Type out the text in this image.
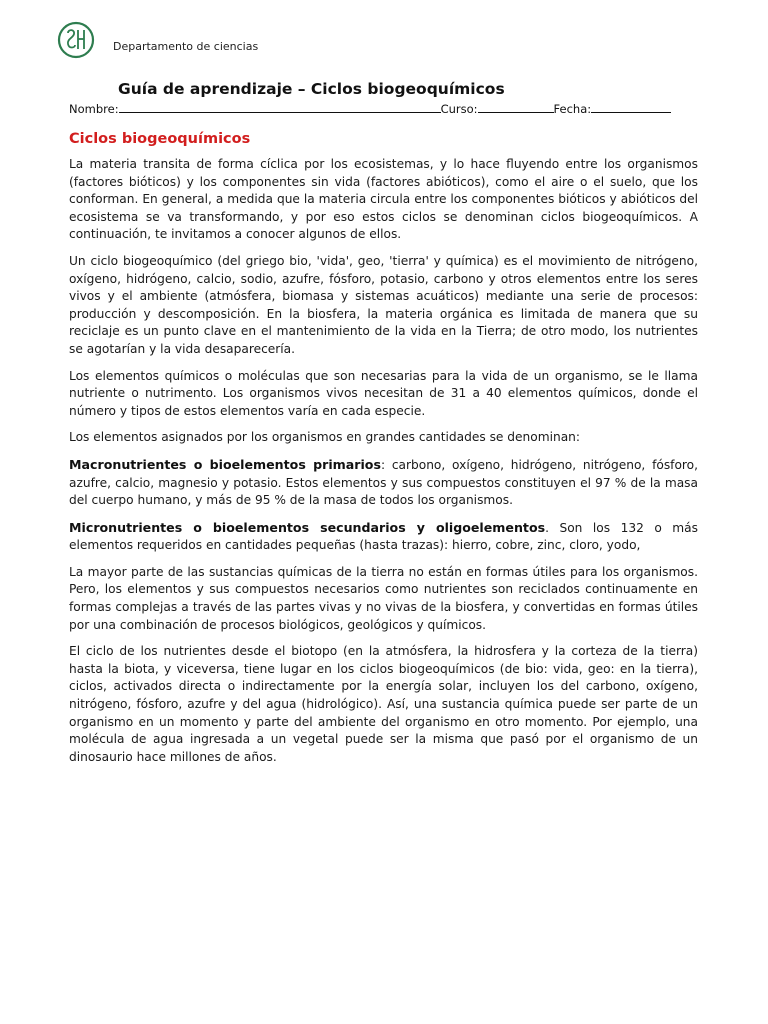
Departamento de ciencias
Guía de aprendizaje – Ciclos biogeoquímicos
Nombre:	Curso:	Fecha:
Ciclos biogeoquímicos

La materia transita de forma cíclica por los ecosistemas, y lo hace fluyendo entre los organismos (factores bióticos) y los componentes sin vida (factores abióticos), como el aire o el suelo, que los conforman. En general, a medida que la materia circula entre los componentes bióticos y abióticos del ecosistema se va transformando, y por eso estos ciclos se denominan ciclos biogeoquímicos. A continuación, te invitamos a conocer algunos de ellos.

Un ciclo biogeoquímico (del griego bio, 'vida', geo, 'tierra' y química) es el movimiento de nitrógeno, oxígeno, hidrógeno, calcio, sodio, azufre, fósforo, potasio, carbono y otros elementos entre los seres vivos y el ambiente (atmósfera, biomasa y sistemas acuáticos) mediante una serie de procesos: producción y descomposición. En la biosfera, la materia orgánica es limitada de manera que su reciclaje es un punto clave en el mantenimiento de la vida en la Tierra; de otro modo, los nutrientes se agotarían y la vida desaparecería.

Los elementos químicos o moléculas que son necesarias para la vida de un organismo, se le llama nutriente o nutrimento. Los organismos vivos necesitan de 31 a 40 elementos químicos, donde el número y tipos de estos elementos varía en cada especie.

Los elementos asignados por los organismos en grandes cantidades se denominan:

Macronutrientes o bioelementos primarios: carbono, oxígeno, hidrógeno, nitrógeno, fósforo, azufre, calcio, magnesio y potasio. Estos elementos y sus compuestos constituyen el 97 % de la masa del cuerpo humano, y más de 95 % de la masa de todos los organismos.

Micronutrientes o bioelementos secundarios y oligoelementos. Son los 132 o más elementos requeridos en cantidades pequeñas (hasta trazas): hierro, cobre, zinc, cloro, yodo,

La mayor parte de las sustancias químicas de la tierra no están en formas útiles para los organismos. Pero, los elementos y sus compuestos necesarios como nutrientes son reciclados continuamente en formas complejas a través de las partes vivas y no vivas de la biosfera, y convertidas en formas útiles por una combinación de procesos biológicos, geológicos y químicos.

El ciclo de los nutrientes desde el biotopo (en la atmósfera, la hidrosfera y la corteza de la tierra) hasta la biota, y viceversa, tiene lugar en los ciclos biogeoquímicos (de bio: vida, geo: en la tierra), ciclos, activados directa o indirectamente por la energía solar, incluyen los del carbono, oxígeno, nitrógeno, fósforo, azufre y del agua (hidrológico). Así, una sustancia química puede ser parte de un organismo en un momento y parte del ambiente del organismo en otro momento. Por ejemplo, una molécula de agua ingresada a un vegetal puede ser la misma que pasó por el organismo de un dinosaurio hace millones de años.
